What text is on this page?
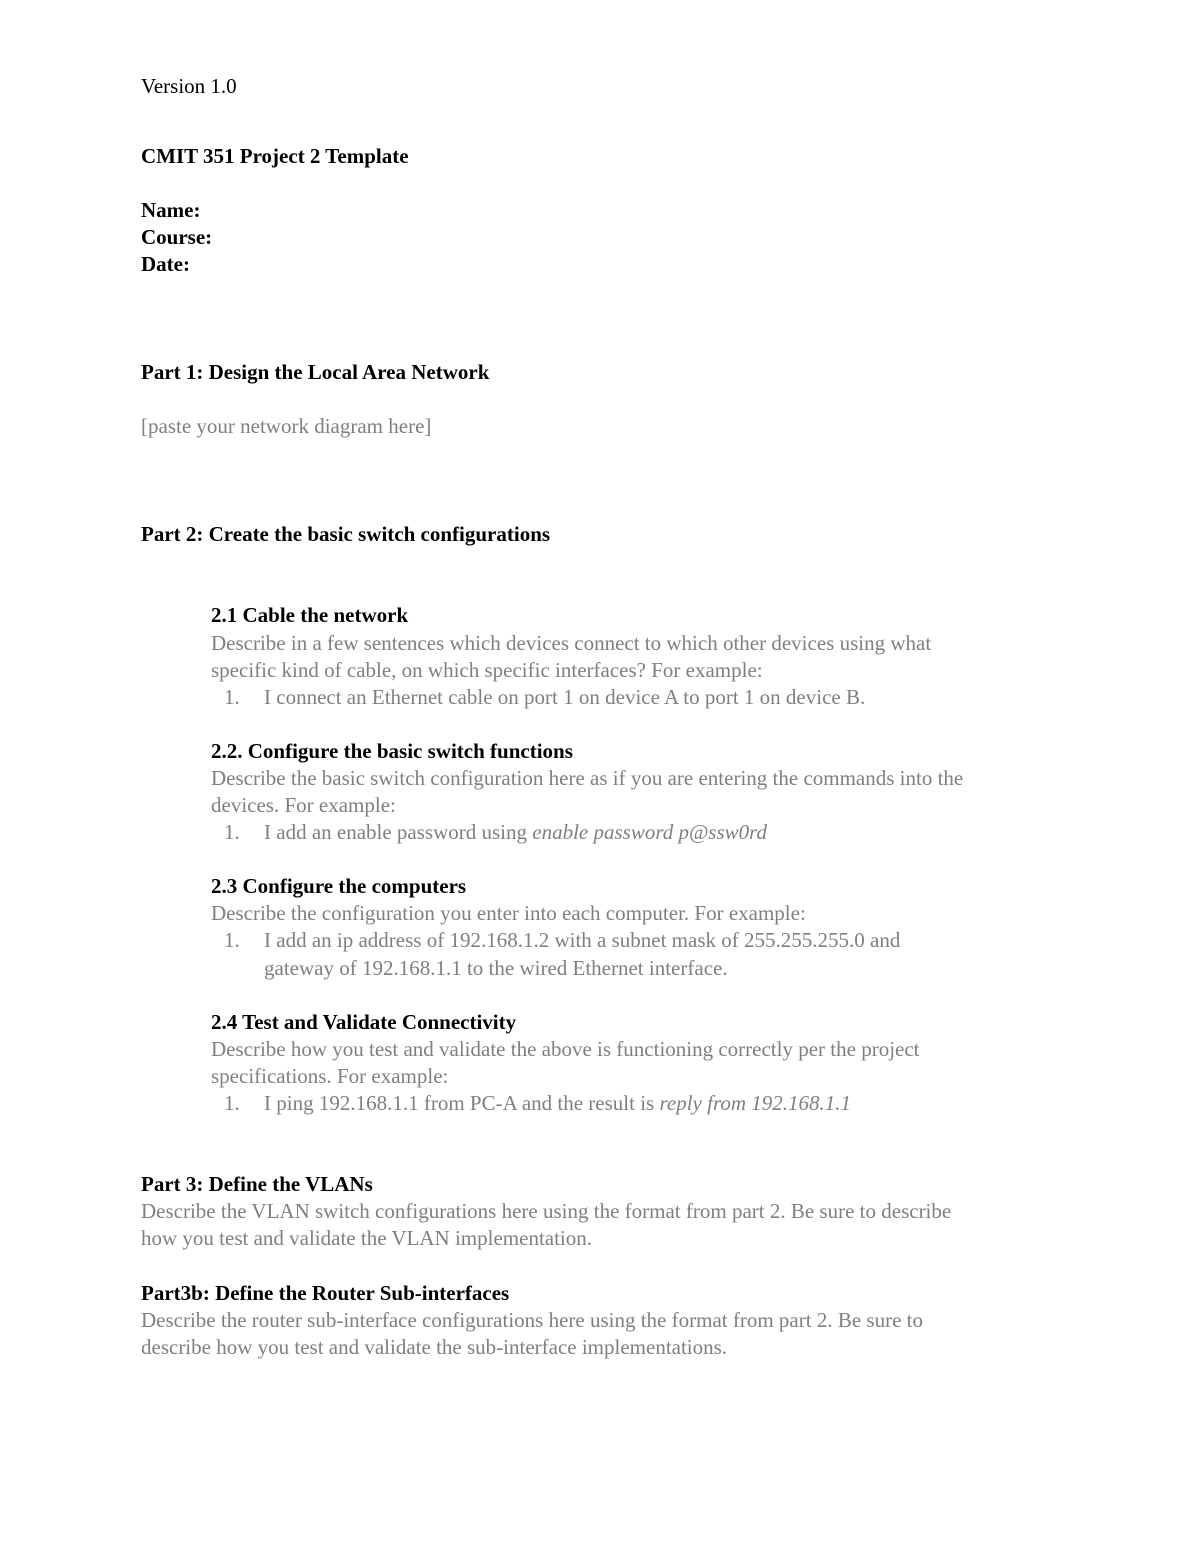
Version 1.0
CMIT 351 Project 2 Template
Name:
Course:
Date:
Part 1: Design the Local Area Network
[paste your network diagram here]
Part 2: Create the basic switch configurations
2.1 Cable the network
Describe in a few sentences which devices connect to which other devices using what
specific kind of cable, on which specific interfaces? For example:
1. I connect an Ethernet cable on port 1 on device A to port 1 on device B.
2.2. Configure the basic switch functions
Describe the basic switch configuration here as if you are entering the commands into the
devices. For example:
1. I add an enable password using enable password p@ssw0rd
2.3 Configure the computers
Describe the configuration you enter into each computer. For example:
1. I add an ip address of 192.168.1.2 with a subnet mask of 255.255.255.0 and
gateway of 192.168.1.1 to the wired Ethernet interface.
2.4 Test and Validate Connectivity
Describe how you test and validate the above is functioning correctly per the project
specifications. For example:
1. I ping 192.168.1.1 from PC-A and the result is reply from 192.168.1.1
Part 3: Define the VLANs
Describe the VLAN switch configurations here using the format from part 2. Be sure to describe
how you test and validate the VLAN implementation.
Part3b: Define the Router Sub-interfaces
Describe the router sub-interface configurations here using the format from part 2. Be sure to
describe how you test and validate the sub-interface implementations.
